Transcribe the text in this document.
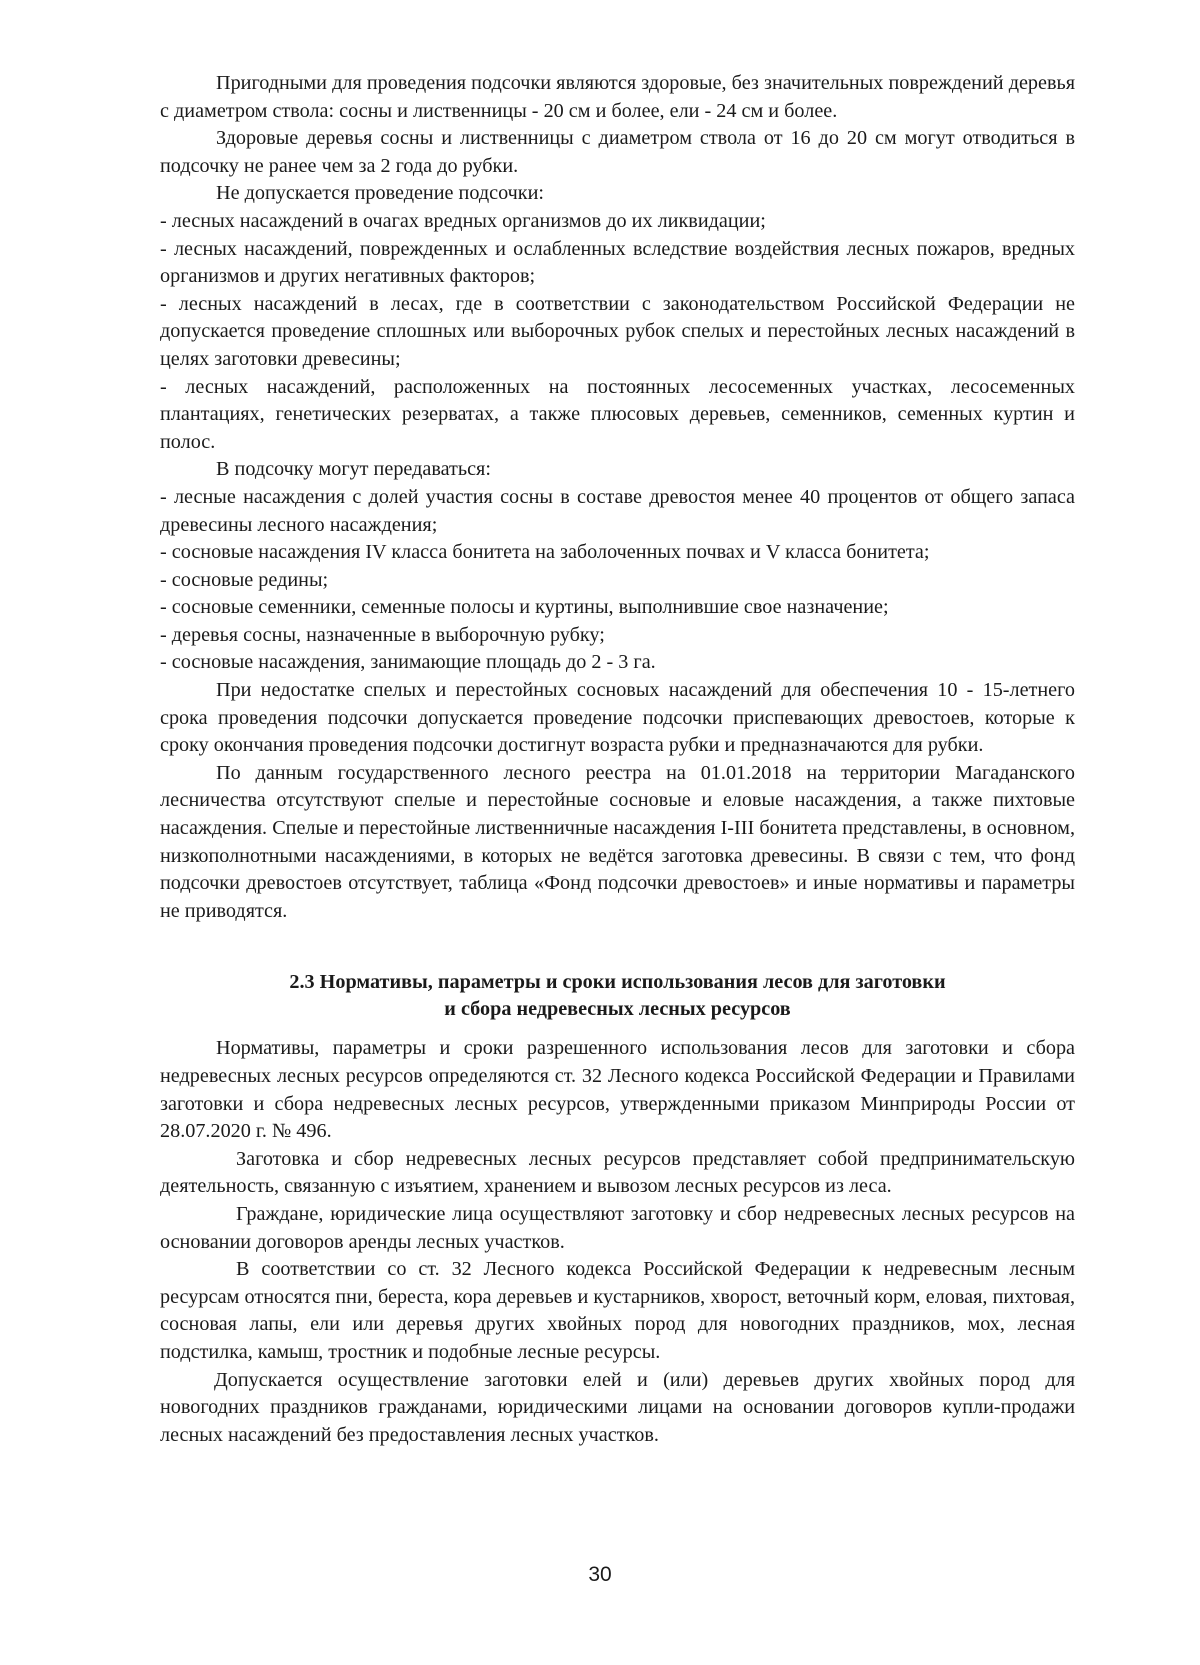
Пригодными для проведения подсочки являются здоровые, без значительных повреждений деревья с диаметром ствола: сосны и лиственницы - 20 см и более, ели - 24 см и более.

Здоровые деревья сосны и лиственницы с диаметром ствола от 16 до 20 см могут отводиться в подсочку не ранее чем за 2 года до рубки.

Не допускается проведение подсочки:

- лесных насаждений в очагах вредных организмов до их ликвидации;

- лесных насаждений, поврежденных и ослабленных вследствие воздействия лесных пожаров, вредных организмов и других негативных факторов;

- лесных насаждений в лесах, где в соответствии с законодательством Российской Федерации не допускается проведение сплошных или выборочных рубок спелых и перестойных лесных насаждений в целях заготовки древесины;

- лесных насаждений, расположенных на постоянных лесосеменных участках, лесосеменных плантациях, генетических резерватах, а также плюсовых деревьев, семенников, семенных куртин и полос.

В подсочку могут передаваться:

- лесные насаждения с долей участия сосны в составе древостоя менее 40 процентов от общего запаса древесины лесного насаждения;

- сосновые насаждения IV класса бонитета на заболоченных почвах и V класса бонитета;

- сосновые редины;

- сосновые семенники, семенные полосы и куртины, выполнившие свое назначение;

- деревья сосны, назначенные в выборочную рубку;

- сосновые насаждения, занимающие площадь до 2 - 3 га.

При недостатке спелых и перестойных сосновых насаждений для обеспечения 10 - 15-летнего срока проведения подсочки допускается проведение подсочки приспевающих древостоев, которые к сроку окончания проведения подсочки достигнут возраста рубки и предназначаются для рубки.

По данным государственного лесного реестра на 01.01.2018 на территории Магаданского лесничества отсутствуют спелые и перестойные сосновые и еловые насаждения, а также пихтовые насаждения. Спелые и перестойные лиственничные насаждения I-III бонитета представлены, в основном, низкополнотными насаждениями, в которых не ведётся заготовка древесины. В связи с тем, что фонд подсочки древостоев отсутствует, таблица «Фонд подсочки древостоев» и иные нормативы и параметры не приводятся.

2.3 Нормативы, параметры и сроки использования лесов для заготовки
и сбора недревесных лесных ресурсов

Нормативы, параметры и сроки разрешенного использования лесов для заготовки и сбора недревесных лесных ресурсов определяются ст. 32 Лесного кодекса Российской Федерации и Правилами заготовки и сбора недревесных лесных ресурсов, утвержденными приказом Минприроды России от 28.07.2020 г. № 496.

Заготовка и сбор недревесных лесных ресурсов представляет собой предпринимательскую деятельность, связанную с изъятием, хранением и вывозом лесных ресурсов из леса.

Граждане, юридические лица осуществляют заготовку и сбор недревесных лесных ресурсов на основании договоров аренды лесных участков.

В соответствии со ст. 32 Лесного кодекса Российской Федерации к недревесным лесным ресурсам относятся пни, береста, кора деревьев и кустарников, хворост, веточный корм, еловая, пихтовая, сосновая лапы, ели или деревья других хвойных пород для новогодних праздников, мох, лесная подстилка, камыш, тростник и подобные лесные ресурсы.

Допускается осуществление заготовки елей и (или) деревьев других хвойных пород для новогодних праздников гражданами, юридическими лицами на основании договоров купли-продажи лесных насаждений без предоставления лесных участков.

30
